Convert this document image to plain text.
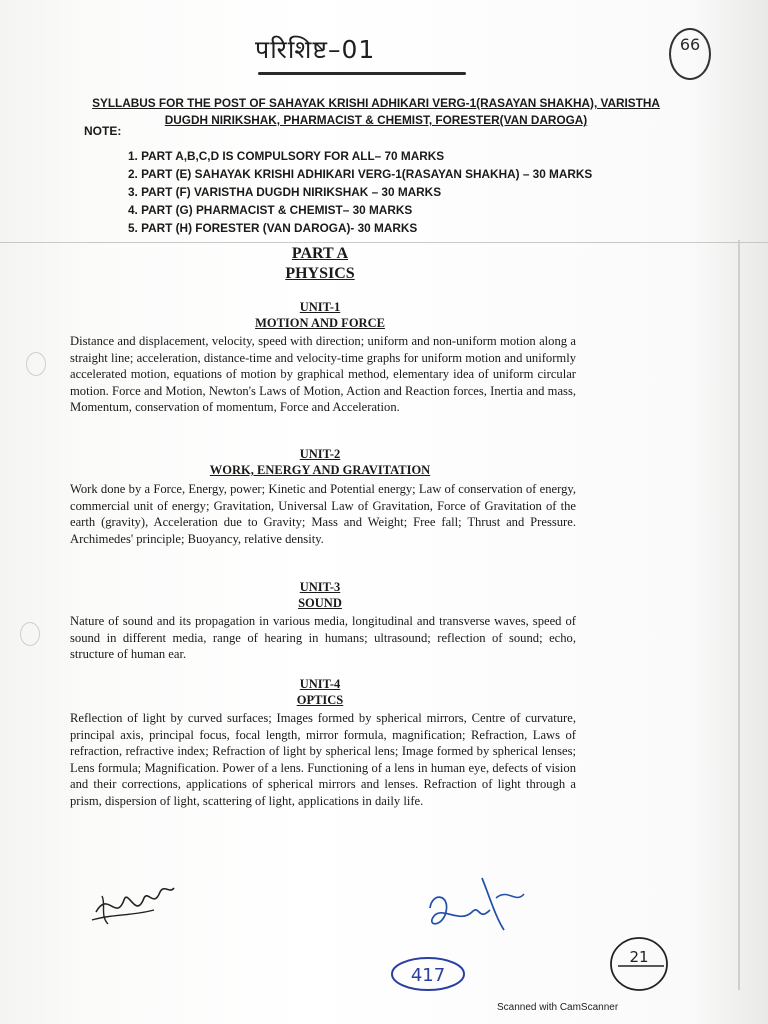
परिशिष्ट–01	66
SYLLABUS FOR THE POST OF SAHAYAK KRISHI ADHIKARI VERG-1(RASAYAN SHAKHA), VARISTHA DUGDH NIRIKSHAK, PHARMACIST & CHEMIST, FORESTER(VAN DAROGA)
NOTE:
1. PART A,B,C,D IS COMPULSORY FOR ALL– 70 MARKS
2. PART (E) SAHAYAK KRISHI ADHIKARI VERG-1(RASAYAN SHAKHA) – 30 MARKS
3. PART (F) VARISTHA DUGDH NIRIKSHAK – 30 MARKS
4. PART (G) PHARMACIST & CHEMIST– 30 MARKS
5. PART (H) FORESTER (VAN DAROGA)- 30 MARKS
PART A
PHYSICS
UNIT-1
MOTION AND FORCE

Distance and displacement, velocity, speed with direction; uniform and non-uniform motion along a straight line; acceleration, distance-time and velocity-time graphs for uniform motion and uniformly accelerated motion, equations of motion by graphical method, elementary idea of uniform circular motion. Force and Motion, Newton's Laws of Motion, Action and Reaction forces, Inertia and mass, Momentum, conservation of momentum, Force and Acceleration.

UNIT-2
WORK, ENERGY AND GRAVITATION

Work done by a Force, Energy, power; Kinetic and Potential energy; Law of conservation of energy, commercial unit of energy; Gravitation, Universal Law of Gravitation, Force of Gravitation of the earth (gravity), Acceleration due to Gravity; Mass and Weight; Free fall; Thrust and Pressure. Archimedes' principle; Buoyancy, relative density.

UNIT-3
SOUND

Nature of sound and its propagation in various media, longitudinal and transverse waves, speed of sound in different media, range of hearing in humans; ultrasound; reflection of sound; echo, structure of human ear.

UNIT-4
OPTICS

Reflection of light by curved surfaces; Images formed by spherical mirrors, Centre of curvature, principal axis, principal focus, focal length, mirror formula, magnification; Refraction, Laws of refraction, refractive index; Refraction of light by spherical lens; Image formed by spherical lenses; Lens formula; Magnification. Power of a lens. Functioning of a lens in human eye, defects of vision and their corrections, applications of spherical mirrors and lenses. Refraction of light through a prism, dispersion of light, scattering of light, applications in daily life.

417
21
Scanned with CamScanner
